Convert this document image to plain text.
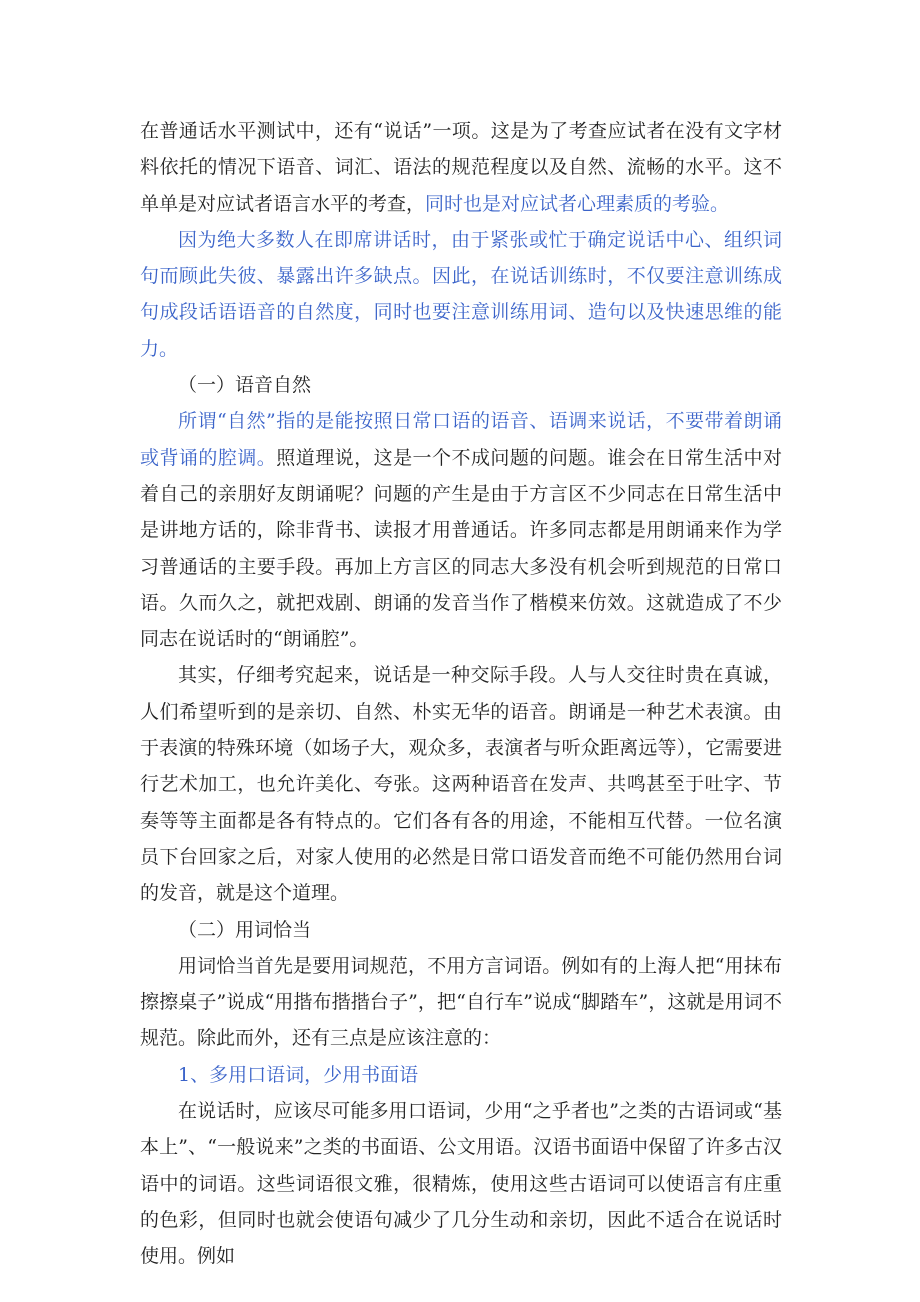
在普通话水平测试中，还有“说话”一项。这是为了考查应试者在没有文字材料依托的情况下语音、词汇、语法的规范程度以及自然、流畅的水平。这不单单是对应试者语言水平的考查，同时也是对应试者心理素质的考验。

因为绝大多数人在即席讲话时，由于紧张或忙于确定说话中心、组织词句而顾此失彼、暴露出许多缺点。因此，在说话训练时，不仅要注意训练成句成段话语语音的自然度，同时也要注意训练用词、造句以及快速思维的能力。

（一）语音自然

所谓“自然”指的是能按照日常口语的语音、语调来说话，不要带着朗诵或背诵的腔调。照道理说，这是一个不成问题的问题。谁会在日常生活中对着自己的亲朋好友朗诵呢？问题的产生是由于方言区不少同志在日常生活中是讲地方话的，除非背书、读报才用普通话。许多同志都是用朗诵来作为学习普通话的主要手段。再加上方言区的同志大多没有机会听到规范的日常口语。久而久之，就把戏剧、朗诵的发音当作了楷模来仿效。这就造成了不少同志在说话时的“朗诵腔”。

其实，仔细考究起来，说话是一种交际手段。人与人交往时贵在真诚，人们希望听到的是亲切、自然、朴实无华的语音。朗诵是一种艺术表演。由于表演的特殊环境（如场子大，观众多，表演者与听众距离远等），它需要进行艺术加工，也允许美化、夸张。这两种语音在发声、共鸣甚至于吐字、节奏等等主面都是各有特点的。它们各有各的用途，不能相互代替。一位名演员下台回家之后，对家人使用的必然是日常口语发音而绝不可能仍然用台词的发音，就是这个道理。

（二）用词恰当

用词恰当首先是要用词规范，不用方言词语。例如有的上海人把“用抹布擦擦桌子”说成“用揩布揩揩台子”，把“自行车”说成“脚踏车”，这就是用词不规范。除此而外，还有三点是应该注意的：

1、多用口语词，少用书面语

在说话时，应该尽可能多用口语词，少用“之乎者也”之类的古语词或“基本上”、“一般说来”之类的书面语、公文用语。汉语书面语中保留了许多古汉语中的词语。这些词语很文雅，很精炼，使用这些古语词可以使语言有庄重的色彩，但同时也就会使语句减少了几分生动和亲切，因此不适合在说话时使用。例如
